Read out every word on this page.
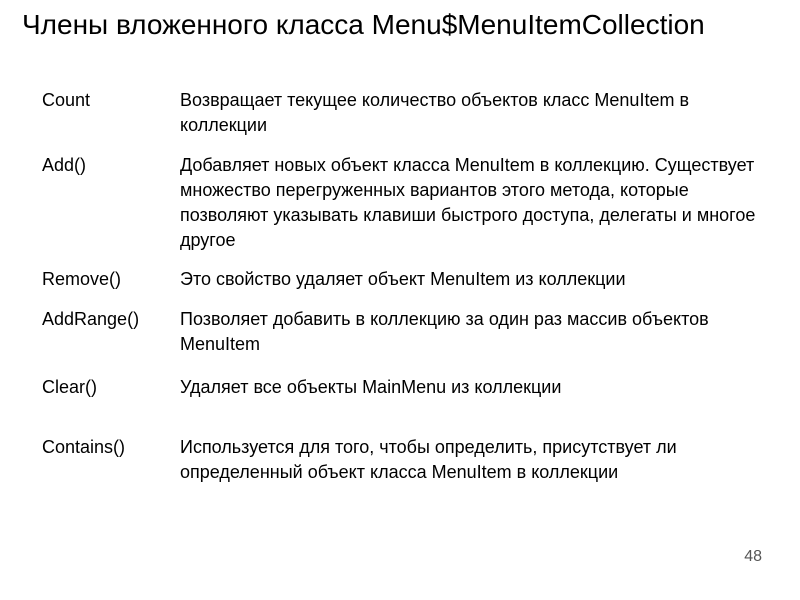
Члены вложенного класса Menu$MenuItemCollection
Count	Возвращает текущее количество объектов класс MenuItem в коллекции
Add()	Добавляет новых объект класса MenuItem в коллекцию. Существует множество перегруженных вариантов этого метода, которые позволяют указывать клавиши быстрого доступа, делегаты и многое другое
Remove()	Это свойство удаляет объект MenuItem из коллекции
AddRange()	Позволяет добавить в коллекцию за один раз массив объектов MenuItem
Clear()	Удаляет все объекты MainMenu из коллекции
Contains()	Используется для того, чтобы определить, присутствует ли определенный объект класса MenuItem в коллекции
48
